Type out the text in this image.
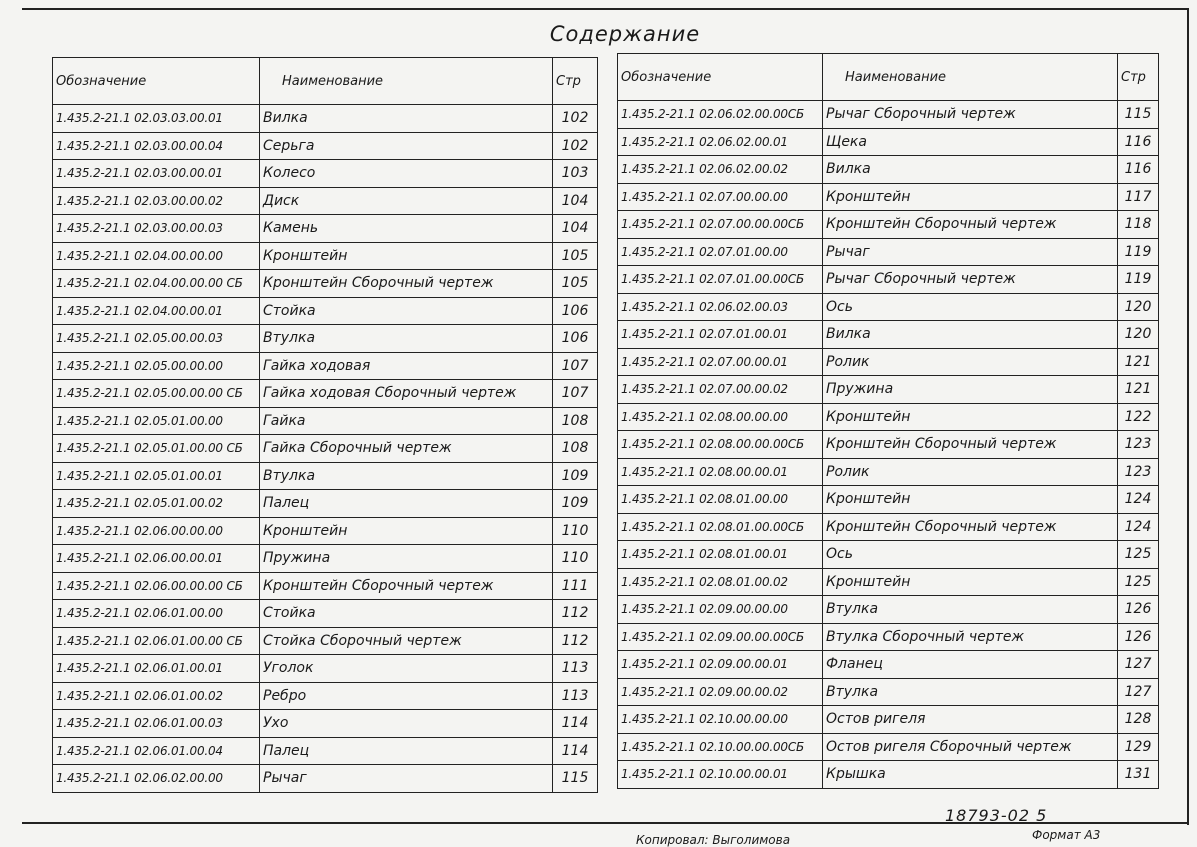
Содержание
Обозначение	Наименование	Стр
1.435.2-21.1 02.03.03.00.01	Вилка	102
1.435.2-21.1 02.03.00.00.04	Серьга	102
1.435.2-21.1 02.03.00.00.01	Колесо	103
1.435.2-21.1 02.03.00.00.02	Диск	104
1.435.2-21.1 02.03.00.00.03	Камень	104
1.435.2-21.1 02.04.00.00.00	Кронштейн	105
1.435.2-21.1 02.04.00.00.00 СБ	Кронштейн Сборочный чертеж	105
1.435.2-21.1 02.04.00.00.01	Стойка	106
1.435.2-21.1 02.05.00.00.03	Втулка	106
1.435.2-21.1 02.05.00.00.00	Гайка ходовая	107
1.435.2-21.1 02.05.00.00.00 СБ	Гайка ходовая Сборочный чертеж	107
1.435.2-21.1 02.05.01.00.00	Гайка	108
1.435.2-21.1 02.05.01.00.00 СБ	Гайка Сборочный чертеж	108
1.435.2-21.1 02.05.01.00.01	Втулка	109
1.435.2-21.1 02.05.01.00.02	Палец	109
1.435.2-21.1 02.06.00.00.00	Кронштейн	110
1.435.2-21.1 02.06.00.00.01	Пружина	110
1.435.2-21.1 02.06.00.00.00 СБ	Кронштейн Сборочный чертеж	111
1.435.2-21.1 02.06.01.00.00	Стойка	112
1.435.2-21.1 02.06.01.00.00 СБ	Стойка Сборочный чертеж	112
1.435.2-21.1 02.06.01.00.01	Уголок	113
1.435.2-21.1 02.06.01.00.02	Ребро	113
1.435.2-21.1 02.06.01.00.03	Ухо	114
1.435.2-21.1 02.06.01.00.04	Палец	114
1.435.2-21.1 02.06.02.00.00	Рычаг	115
Обозначение	Наименование	Стр
1.435.2-21.1 02.06.02.00.00СБ	Рычаг Сборочный чертеж	115
1.435.2-21.1 02.06.02.00.01	Щека	116
1.435.2-21.1 02.06.02.00.02	Вилка	116
1.435.2-21.1 02.07.00.00.00	Кронштейн	117
1.435.2-21.1 02.07.00.00.00СБ	Кронштейн Сборочный чертеж	118
1.435.2-21.1 02.07.01.00.00	Рычаг	119
1.435.2-21.1 02.07.01.00.00СБ	Рычаг Сборочный чертеж	119
1.435.2-21.1 02.06.02.00.03	Ось	120
1.435.2-21.1 02.07.01.00.01	Вилка	120
1.435.2-21.1 02.07.00.00.01	Ролик	121
1.435.2-21.1 02.07.00.00.02	Пружина	121
1.435.2-21.1 02.08.00.00.00	Кронштейн	122
1.435.2-21.1 02.08.00.00.00СБ	Кронштейн Сборочный чертеж	123
1.435.2-21.1 02.08.00.00.01	Ролик	123
1.435.2-21.1 02.08.01.00.00	Кронштейн	124
1.435.2-21.1 02.08.01.00.00СБ	Кронштейн Сборочный чертеж	124
1.435.2-21.1 02.08.01.00.01	Ось	125
1.435.2-21.1 02.08.01.00.02	Кронштейн	125
1.435.2-21.1 02.09.00.00.00	Втулка	126
1.435.2-21.1 02.09.00.00.00СБ	Втулка Сборочный чертеж	126
1.435.2-21.1 02.09.00.00.01	Фланец	127
1.435.2-21.1 02.09.00.00.02	Втулка	127
1.435.2-21.1 02.10.00.00.00	Остов ригеля	128
1.435.2-21.1 02.10.00.00.00СБ	Остов ригеля Сборочный чертеж	129
1.435.2-21.1 02.10.00.00.01	Крышка	131
18793-02 5
Копировал: Выголимова	Формат А3
